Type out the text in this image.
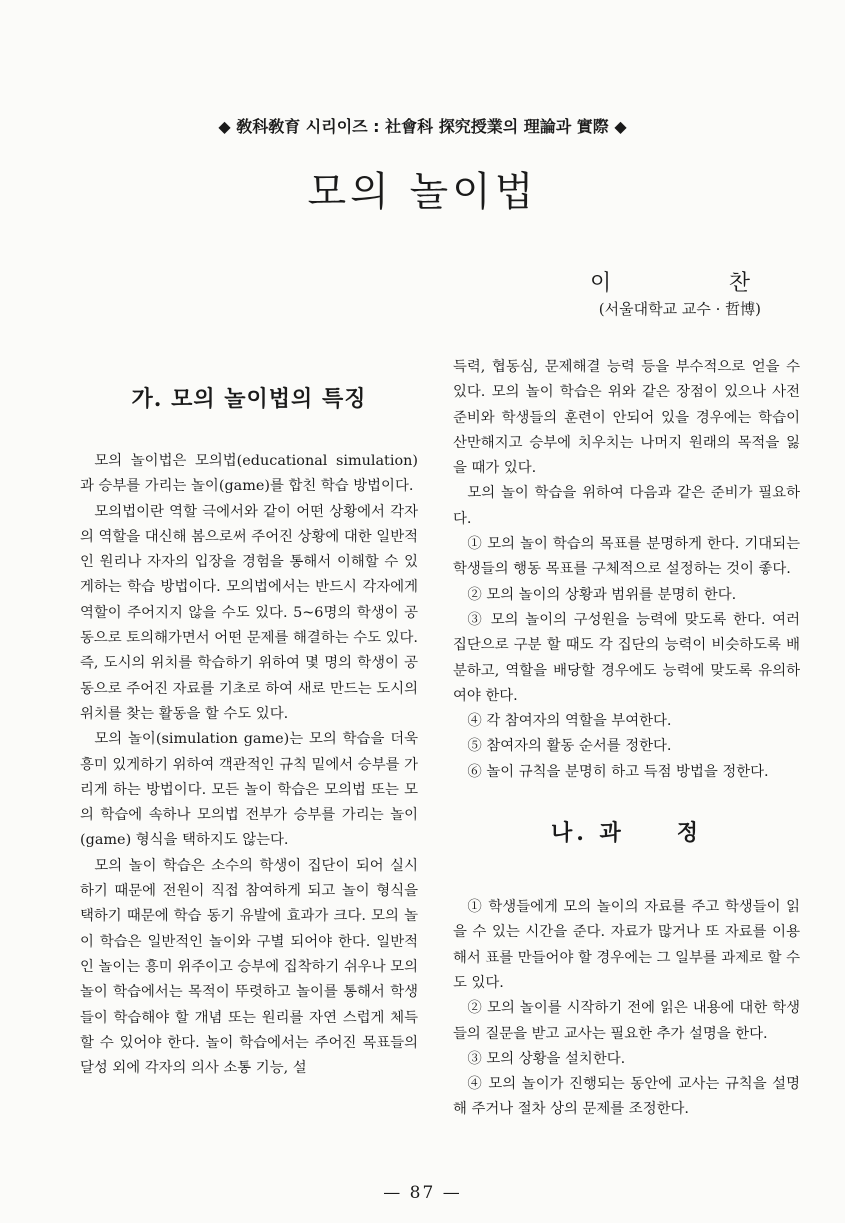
◆ 敎科敎育 시리이즈 : 社會科 探究授業의 理論과 實際 ◆
모의 놀이법
이	찬
(서울대학교 교수 · 哲博)
가. 모의 놀이법의 특징

모의 놀이법은 모의법(educational simulation)과 승부를 가리는 놀이(game)를 합친 학습 방법이다.

모의법이란 역할 극에서와 같이 어떤 상황에서 각자의 역할을 대신해 봄으로써 주어진 상황에 대한 일반적인 원리나 자자의 입장을 경험을 통해서 이해할 수 있게하는 학습 방법이다. 모의법에서는 반드시 각자에게 역할이 주어지지 않을 수도 있다. 5~6명의 학생이 공동으로 토의해가면서 어떤 문제를 해결하는 수도 있다. 즉, 도시의 위치를 학습하기 위하여 몇 명의 학생이 공동으로 주어진 자료를 기초로 하여 새로 만드는 도시의 위치를 찾는 활동을 할 수도 있다.

모의 놀이(simulation game)는 모의 학습을 더욱 흥미 있게하기 위하여 객관적인 규칙 밑에서 승부를 가리게 하는 방법이다. 모든 놀이 학습은 모의법 또는 모의 학습에 속하나 모의법 전부가 승부를 가리는 놀이(game) 형식을 택하지도 않는다.

모의 놀이 학습은 소수의 학생이 집단이 되어 실시하기 때문에 전원이 직접 참여하게 되고 놀이 형식을 택하기 때문에 학습 동기 유발에 효과가 크다. 모의 놀이 학습은 일반적인 놀이와 구별 되어야 한다. 일반적인 놀이는 흥미 위주이고 승부에 집착하기 쉬우나 모의 놀이 학습에서는 목적이 뚜렷하고 놀이를 통해서 학생들이 학습해야 할 개념 또는 원리를 자연 스럽게 체득할 수 있어야 한다. 놀이 학습에서는 주어진 목표들의 달성 외에 각자의 의사 소통 기능, 설

득력, 협동심, 문제해결 능력 등을 부수적으로 얻을 수 있다. 모의 놀이 학습은 위와 같은 장점이 있으나 사전 준비와 학생들의 훈련이 안되어 있을 경우에는 학습이 산만해지고 승부에 치우치는 나머지 원래의 목적을 잃을 때가 있다.

모의 놀이 학습을 위하여 다음과 같은 준비가 필요하다.

① 모의 놀이 학습의 목표를 분명하게 한다. 기대되는 학생들의 행동 목표를 구체적으로 설정하는 것이 좋다.

② 모의 놀이의 상황과 범위를 분명히 한다.

③ 모의 놀이의 구성원을 능력에 맞도록 한다. 여러 집단으로 구분 할 때도 각 집단의 능력이 비슷하도록 배분하고, 역할을 배당할 경우에도 능력에 맞도록 유의하여야 한다.

④ 각 참여자의 역할을 부여한다.

⑤ 참여자의 활동 순서를 정한다.

⑥ 놀이 규칙을 분명히 하고 득점 방법을 정한다.

나. 과　　정

① 학생들에게 모의 놀이의 자료를 주고 학생들이 읽을 수 있는 시간을 준다. 자료가 많거나 또 자료를 이용해서 표를 만들어야 할 경우에는 그 일부를 과제로 할 수도 있다.

② 모의 놀이를 시작하기 전에 읽은 내용에 대한 학생들의 질문을 받고 교사는 필요한 추가 설명을 한다.

③ 모의 상황을 설치한다.

④ 모의 놀이가 진행되는 동안에 교사는 규칙을 설명해 주거나 절차 상의 문제를 조정한다.

— 87 —
